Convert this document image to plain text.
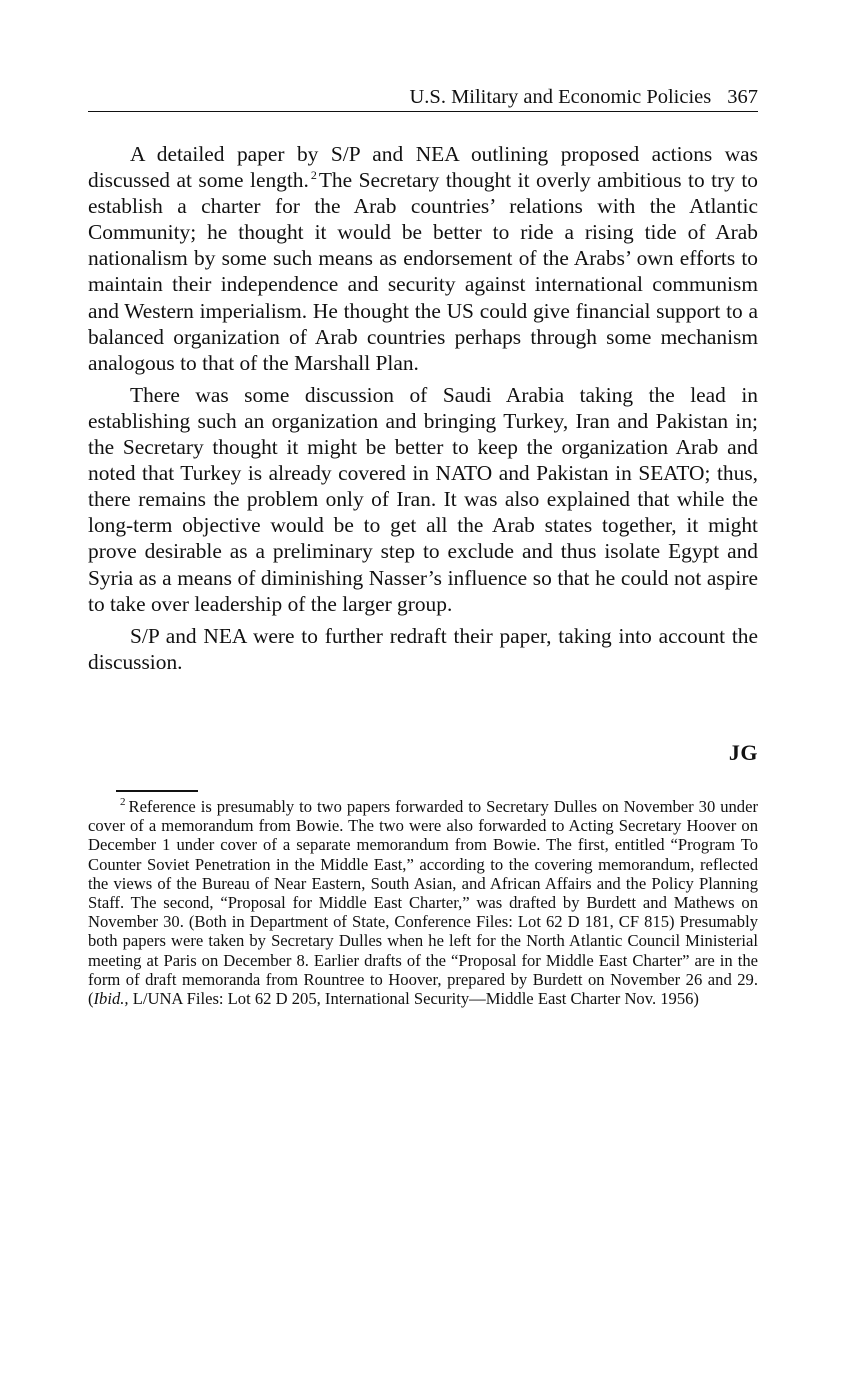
U.S. Military and Economic Policies 367

A detailed paper by S/P and NEA outlining proposed actions was discussed at some length. $^2$The Secretary thought it overly ambitious to try to establish a charter for the Arab countries’ relations with the Atlantic Community; he thought it would be better to ride a rising tide of Arab nationalism by some such means as endorsement of the Arabs’ own efforts to maintain their independence and security against international communism and Western imperialism. He thought the US could give financial support to a balanced organization of Arab countries perhaps through some mechanism analogous to that of the Marshall Plan.

There was some discussion of Saudi Arabia taking the lead in establishing such an organization and bringing Turkey, Iran and Pakistan in; the Secretary thought it might be better to keep the organization Arab and noted that Turkey is already covered in NATO and Pakistan in SEATO; thus, there remains the problem only of Iran. It was also explained that while the long-term objective would be to get all the Arab states together, it might prove desirable as a preliminary step to exclude and thus isolate Egypt and Syria as a means of diminishing Nasser’s influence so that he could not aspire to take over leadership of the larger group.

S/P and NEA were to further redraft their paper, taking into account the discussion.

JG
$^2$ Reference is presumably to two papers forwarded to Secretary Dulles on November 30 under cover of a memorandum from Bowie. The two were also forwarded to Acting Secretary Hoover on December 1 under cover of a separate memorandum from Bowie. The first, entitled “Program To Counter Soviet Penetration in the Middle East,” according to the covering memorandum, reflected the views of the Bureau of Near Eastern, South Asian, and African Affairs and the Policy Planning Staff. The second, “Proposal for Middle East Charter,” was drafted by Burdett and Mathews on November 30. (Both in Department of State, Conference Files: Lot 62 D 181, CF 815) Presumably both papers were taken by Secretary Dulles when he left for the North Atlantic Council Ministerial meeting at Paris on December 8. Earlier drafts of the “Proposal for Middle East Charter” are in the form of draft memoranda from Rountree to Hoover, prepared by Burdett on November 26 and 29. (Ibid., L/UNA Files: Lot 62 D 205, International Security—Middle East Charter Nov. 1956)
